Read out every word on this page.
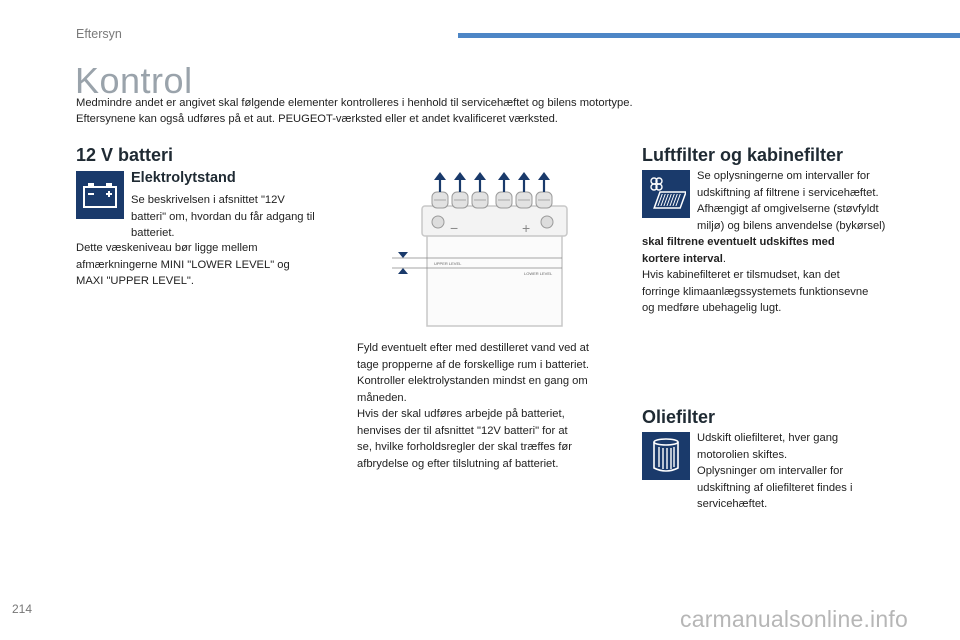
Eftersyn
Kontrol
Medmindre andet er angivet skal følgende elementer kontrolleres i henhold til servicehæftet og bilens motortype.
Eftersynene kan også udføres på et aut. PEUGEOT-værksted eller et andet kvalificeret værksted.
12 V batteri
Elektrolytstand
Se beskrivelsen i afsnittet "12V
batteri" om, hvordan du får adgang til
batteriet.
Dette væskeniveau bør ligge mellem
afmærkningerne MINI "LOWER LEVEL" og
MAXI "UPPER LEVEL".
−	+
UPPER LEVEL
LOWER LEVEL
Fyld eventuelt efter med destilleret vand ved at
tage propperne af de forskellige rum i batteriet.
Kontroller elektrolystanden mindst en gang om
måneden.
Hvis der skal udføres arbejde på batteriet,
henvises der til afsnittet "12V batteri" for at
se, hvilke forholdsregler der skal træffes før
afbrydelse og efter tilslutning af batteriet.
Luftfilter og kabinefilter
Se oplysningerne om intervaller for
udskiftning af filtrene i servicehæftet.
Afhængigt af omgivelserne (støvfyldt
miljø) og bilens anvendelse (bykørsel)
skal filtrene eventuelt udskiftes med
kortere interval.
Hvis kabinefilteret er tilsmudset, kan det
forringe klimaanlægssystemets funktionsevne
og medføre ubehagelig lugt.
Oliefilter
Udskift oliefilteret, hver gang
motorolien skiftes.
Oplysninger om intervaller for
udskiftning af oliefilteret findes i
servicehæftet.
214	carmanualsonline.info
